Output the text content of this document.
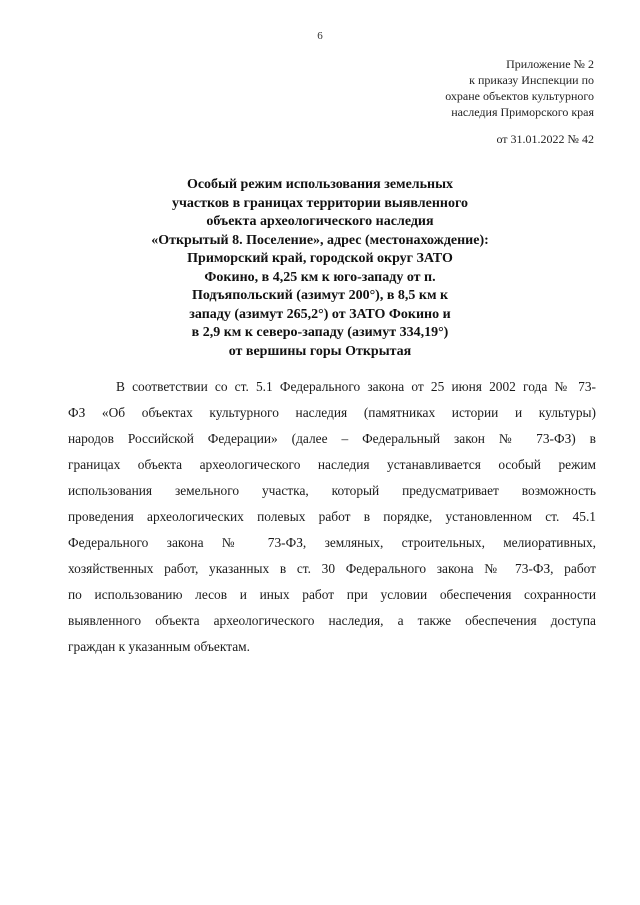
6
Приложение № 2
к приказу Инспекции по
охране объектов культурного
наследия Приморского края
от 31.01.2022 № 42
Особый режим использования земельных
участков в границах территории выявленного
объекта археологического наследия
«Открытый 8. Поселение», адрес (местонахождение):
Приморский край, городской округ ЗАТО
Фокино, в 4,25 км к юго-западу от п.
Подъяпольский (азимут 200°), в 8,5 км к
западу (азимут 265,2°) от ЗАТО Фокино и
в 2,9 км к северо-западу (азимут 334,19°)
от вершины горы Открытая
В соответствии со ст. 5.1 Федерального закона от 25 июня 2002 года № 73-
ФЗ «Об объектах культурного наследия (памятниках истории и культуры)
народов Российской Федерации» (далее – Федеральный закон № 73-ФЗ) в
границах объекта археологического наследия устанавливается особый режим
использования земельного участка, который предусматривает возможность
проведения археологических полевых работ в порядке, установленном ст. 45.1
Федерального закона № 73-ФЗ, земляных, строительных, мелиоративных,
хозяйственных работ, указанных в ст. 30 Федерального закона № 73-ФЗ, работ
по использованию лесов и иных работ при условии обеспечения сохранности
выявленного объекта археологического наследия, а также обеспечения доступа
граждан к указанным объектам.
